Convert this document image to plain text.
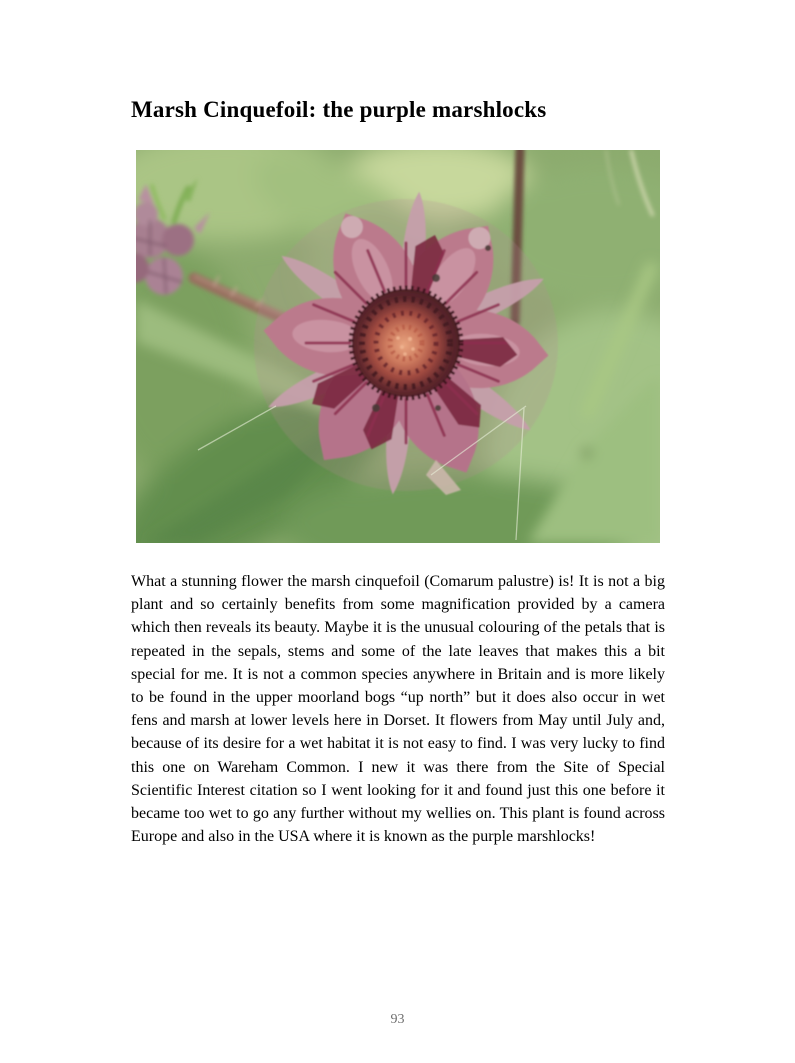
Marsh Cinquefoil: the purple marshlocks

What a stunning flower the marsh cinquefoil (Comarum palustre) is! It is not a big plant and so certainly benefits from some magnification provided by a camera which then reveals its beauty. Maybe it is the unusual colouring of the petals that is repeated in the sepals, stems and some of the late leaves that makes this a bit special for me. It is not a common species anywhere in Britain and is more likely to be found in the upper moorland bogs “up north” but it does also occur in wet fens and marsh at lower levels here in Dorset. It flowers from May until July and, because of its desire for a wet habitat it is not easy to find. I was very lucky to find this one on Wareham Common. I new it was there from the Site of Special Scientific Interest citation so I went looking for it and found just this one before it became too wet to go any further without my wellies on. This plant is found across Europe and also in the USA where it is known as the purple marshlocks!

93
